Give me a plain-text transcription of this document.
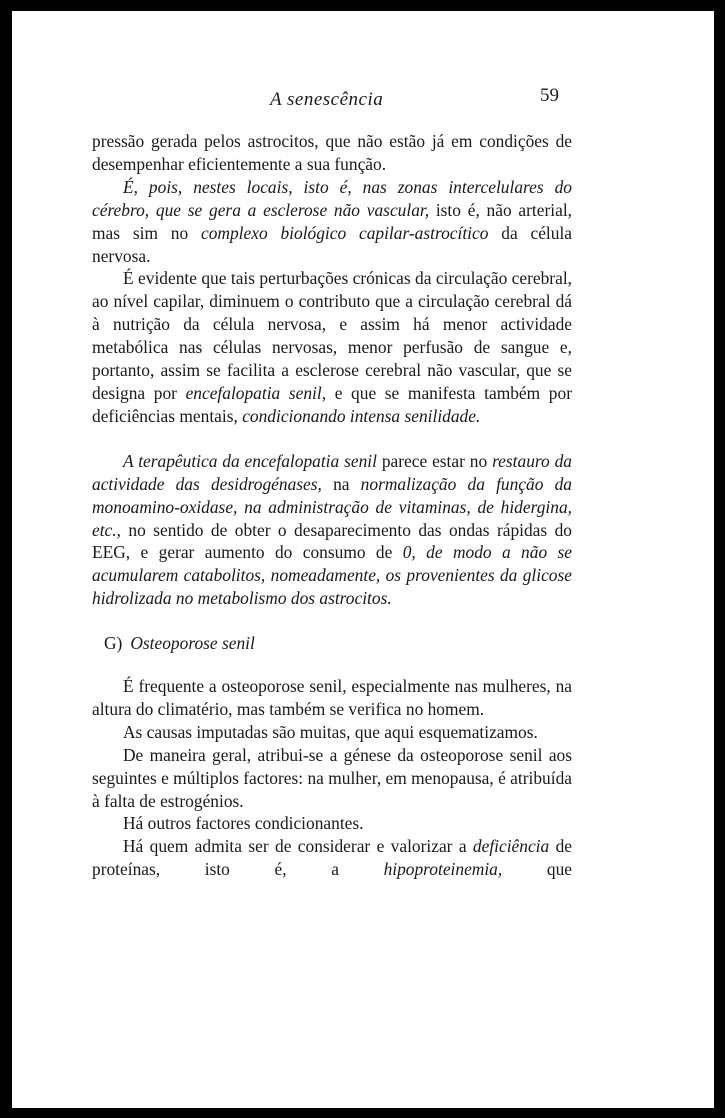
A senescência	59

pressão gerada pelos astrocitos, que não estão já em condições de desempenhar eficientemente a sua função.

É, pois, nestes locais, isto é, nas zonas intercelulares do cérebro, que se gera a esclerose não vascular, isto é, não arterial, mas sim no complexo biológico capilar-astrocítico da célula nervosa.

É evidente que tais perturbações crónicas da circulação cerebral, ao nível capilar, diminuem o contributo que a circulação cerebral dá à nutrição da célula nervosa, e assim há menor actividade metabólica nas células nervosas, menor perfusão de sangue e, portanto, assim se facilita a esclerose cerebral não vascular, que se designa por encefalopatia senil, e que se manifesta também por deficiências mentais, condicionando intensa senilidade.

A terapêutica da encefalopatia senil parece estar no restauro da actividade das desidrogénases, na normalização da função da monoamino-oxidase, na administração de vitaminas, de hidergina, etc., no sentido de obter o desaparecimento das ondas rápidas do EEG, e gerar aumento do consumo de 0, de modo a não se acumularem catabolitos, nomeadamente, os provenientes da glicose hidrolizada no metabolismo dos astrocitos.

G) Osteoporose senil

É frequente a osteoporose senil, especialmente nas mulheres, na altura do climatério, mas também se verifica no homem.

As causas imputadas são muitas, que aqui esquematizamos.

De maneira geral, atribui-se a génese da osteoporose senil aos seguintes e múltiplos factores: na mulher, em menopausa, é atribuída à falta de estrogénios.

Há outros factores condicionantes.

Há quem admita ser de considerar e valorizar a deficiência de proteínas, isto é, a hipoproteinemia, que
